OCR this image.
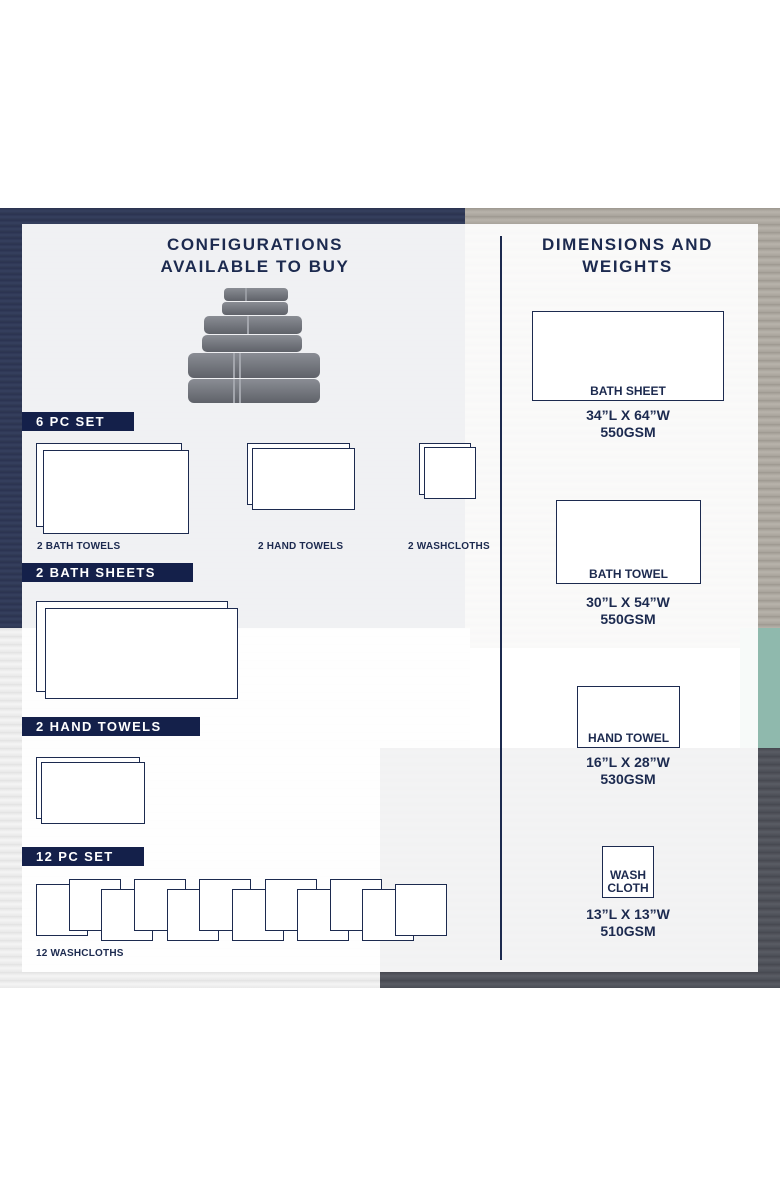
CONFIGURATIONS
AVAILABLE TO BUY
DIMENSIONS AND
WEIGHTS
6 PC SET
2 BATH TOWELS	2 HAND TOWELS	2 WASHCLOTHS
2 BATH SHEETS
2 HAND TOWELS
12 PC SET
12 WASHCLOTHS
BATH SHEET
34”L X 64”W
550GSM
BATH TOWEL
30”L X 54”W
550GSM
HAND TOWEL
16”L X 28”W
530GSM
WASH
CLOTH
13”L X 13”W
510GSM
